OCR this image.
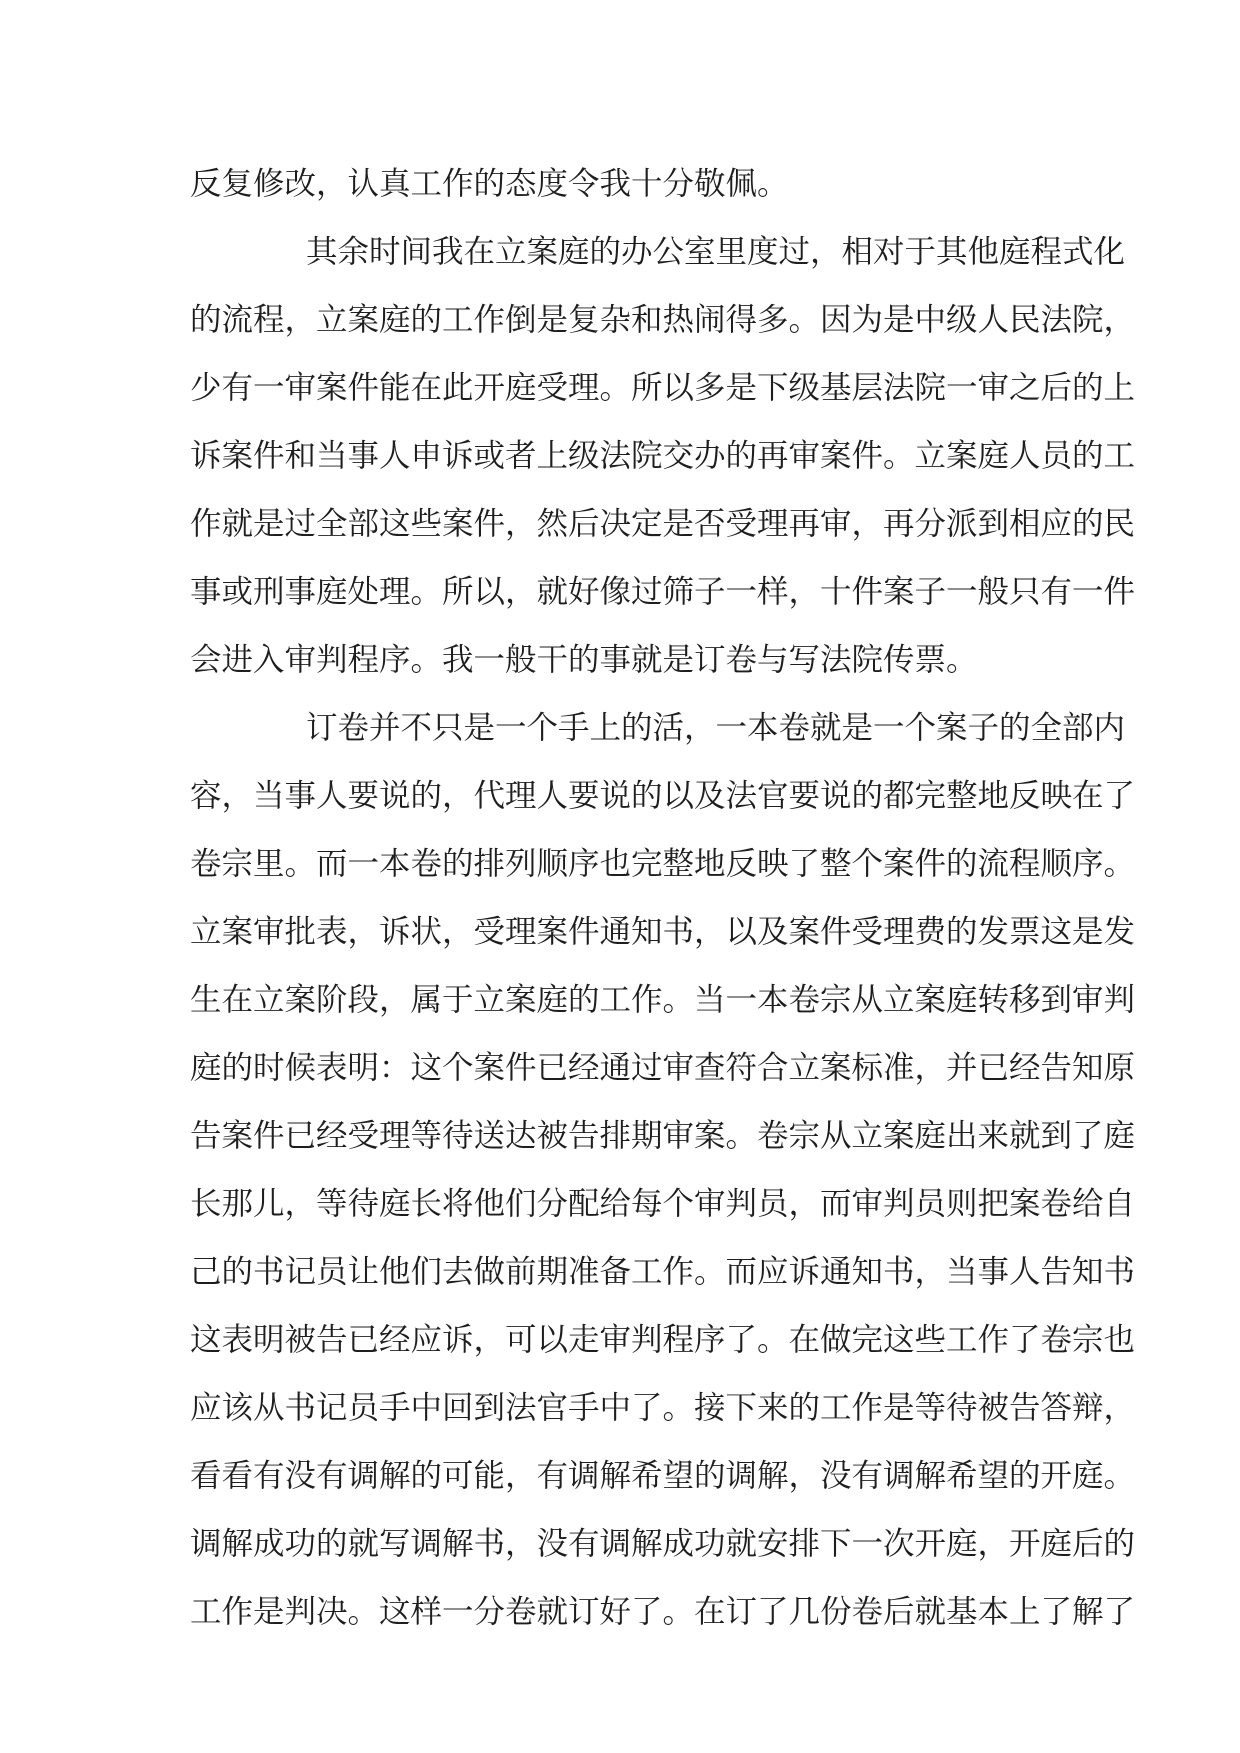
反复修改，认真工作的态度令我十分敬佩。
其余时间我在立案庭的办公室里度过，相对于其他庭程式化
的流程，立案庭的工作倒是复杂和热闹得多。因为是中级人民法院，
少有一审案件能在此开庭受理。所以多是下级基层法院一审之后的上
诉案件和当事人申诉或者上级法院交办的再审案件。立案庭人员的工
作就是过全部这些案件，然后决定是否受理再审，再分派到相应的民
事或刑事庭处理。所以，就好像过筛子一样，十件案子一般只有一件
会进入审判程序。我一般干的事就是订卷与写法院传票。
订卷并不只是一个手上的活，一本卷就是一个案子的全部内
容，当事人要说的，代理人要说的以及法官要说的都完整地反映在了
卷宗里。而一本卷的排列顺序也完整地反映了整个案件的流程顺序。
立案审批表，诉状，受理案件通知书，以及案件受理费的发票这是发
生在立案阶段，属于立案庭的工作。当一本卷宗从立案庭转移到审判
庭的时候表明：这个案件已经通过审查符合立案标准，并已经告知原
告案件已经受理等待送达被告排期审案。卷宗从立案庭出来就到了庭
长那儿，等待庭长将他们分配给每个审判员，而审判员则把案卷给自
己的书记员让他们去做前期准备工作。而应诉通知书，当事人告知书
这表明被告已经应诉，可以走审判程序了。在做完这些工作了卷宗也
应该从书记员手中回到法官手中了。接下来的工作是等待被告答辩，
看看有没有调解的可能，有调解希望的调解，没有调解希望的开庭。
调解成功的就写调解书，没有调解成功就安排下一次开庭，开庭后的
工作是判决。这样一分卷就订好了。在订了几份卷后就基本上了解了
